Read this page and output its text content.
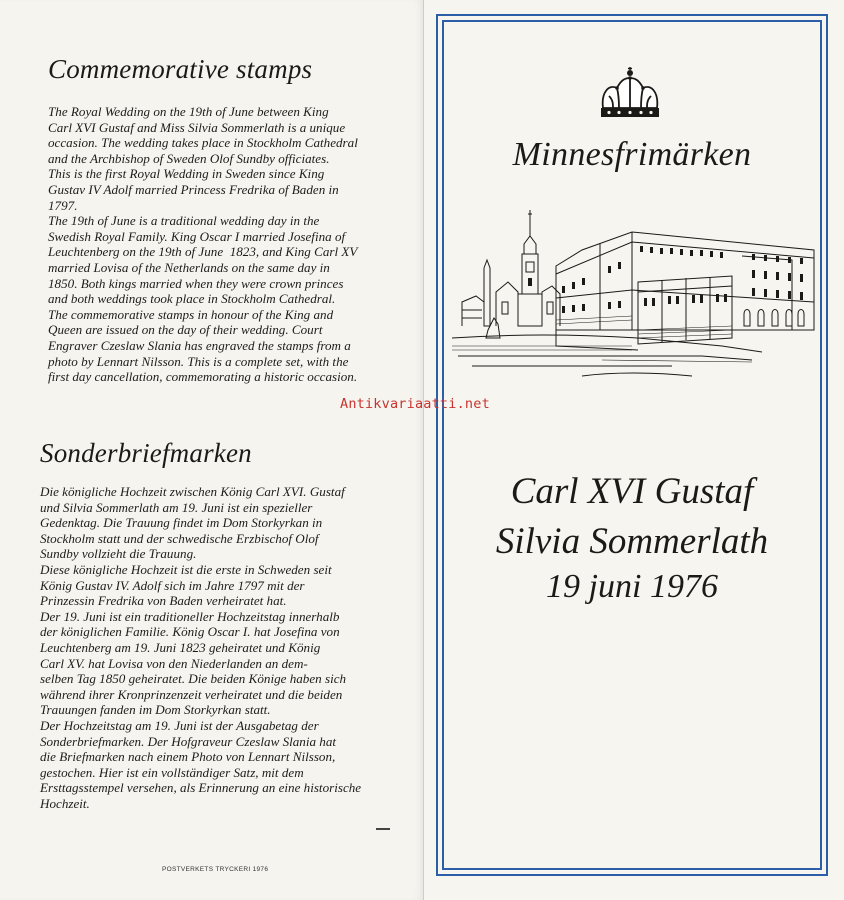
Commemorative stamps

The Royal Wedding on the 19th of June between King
Carl XVI Gustaf and Miss Silvia Sommerlath is a unique
occasion. The wedding takes place in Stockholm Cathedral
and the Archbishop of Sweden Olof Sundby officiates.
This is the first Royal Wedding in Sweden since King
Gustav IV Adolf married Princess Fredrika of Baden in
1797.
The 19th of June is a traditional wedding day in the
Swedish Royal Family. King Oscar I married Josefina of
Leuchtenberg on the 19th of June  1823, and King Carl XV
married Lovisa of the Netherlands on the same day in
1850. Both kings married when they were crown princes
and both weddings took place in Stockholm Cathedral.
The commemorative stamps in honour of the King and
Queen are issued on the day of their wedding. Court
Engraver Czeslaw Slania has engraved the stamps from a
photo by Lennart Nilsson. This is a complete set, with the
first day cancellation, commemorating a historic occasion.

Sonderbriefmarken

Die königliche Hochzeit zwischen König Carl XVI. Gustaf
und Silvia Sommerlath am 19. Juni ist ein spezieller
Gedenktag. Die Trauung findet im Dom Storkyrkan in
Stockholm statt und der schwedische Erzbischof Olof
Sundby vollzieht die Trauung.
Diese königliche Hochzeit ist die erste in Schweden seit
König Gustav IV. Adolf sich im Jahre 1797 mit der
Prinzessin Fredrika von Baden verheiratet hat.
Der 19. Juni ist ein traditioneller Hochzeitstag innerhalb
der königlichen Familie. König Oscar I. hat Josefina von
Leuchtenberg am 19. Juni 1823 geheiratet und König
Carl XV. hat Lovisa von den Niederlanden an dem-
selben Tag 1850 geheiratet. Die beiden Könige haben sich
während ihrer Kronprinzenzeit verheiratet und die beiden
Trauungen fanden im Dom Storkyrkan statt.
Der Hochzeitstag am 19. Juni ist der Ausgabetag der
Sonderbriefmarken. Der Hofgraveur Czeslaw Slania hat
die Briefmarken nach einem Photo von Lennart Nilsson,
gestochen. Hier ist ein vollständiger Satz, mit dem
Ersttagsstempel versehen, als Erinnerung an eine historische
Hochzeit.

POSTVERKETS TRYCKERI 1976
Antikvariaatti.net
Minnesfrimärken
Carl XVI Gustaf
Silvia Sommerlath
19 juni 1976
